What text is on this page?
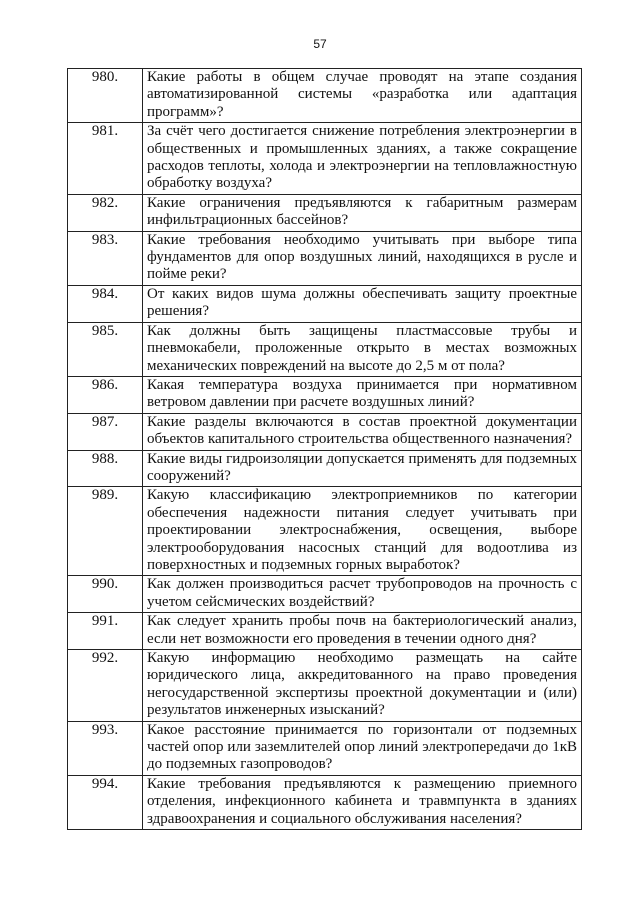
57
980.	Какие работы в общем случае проводят на этапе создания автоматизированной системы «разработка или адаптация программ»?
981.	За счёт чего достигается снижение потребления электроэнергии в общественных и промышленных зданиях, а также сокращение расходов теплоты, холода и электроэнергии на тепловлажностную обработку воздуха?
982.	Какие ограничения предъявляются к габаритным размерам инфильтрационных бассейнов?
983.	Какие требования необходимо учитывать при выборе типа фундаментов для опор воздушных линий, находящихся в русле и пойме реки?
984.	От каких видов шума должны обеспечивать защиту проектные решения?
985.	Как должны быть защищены пластмассовые трубы и пневмокабели, проложенные открыто в местах возможных механических повреждений на высоте до 2,5 м от пола?
986.	Какая температура воздуха принимается при нормативном ветровом давлении при расчете воздушных линий?
987.	Какие разделы включаются в состав проектной документации объектов капитального строительства общественного назначения?
988.	Какие виды гидроизоляции допускается применять для подземных сооружений?
989.	Какую классификацию электроприемников по категории обеспечения надежности питания следует учитывать при проектировании электроснабжения, освещения, выборе электрооборудования насосных станций для водоотлива из поверхностных и подземных горных выработок?
990.	Как должен производиться расчет трубопроводов на прочность с учетом сейсмических воздействий?
991.	Как следует хранить пробы почв на бактериологический анализ, если нет возможности его проведения в течении одного дня?
992.	Какую информацию необходимо размещать на сайте юридического лица, аккредитованного на право проведения негосударственной экспертизы проектной документации и (или) результатов инженерных изысканий?
993.	Какое расстояние принимается по горизонтали от подземных частей опор или заземлителей опор линий электропередачи до 1кВ до подземных газопроводов?
994.	Какие требования предъявляются к размещению приемного отделения, инфекционного кабинета и травмпункта в зданиях здравоохранения и социального обслуживания населения?
